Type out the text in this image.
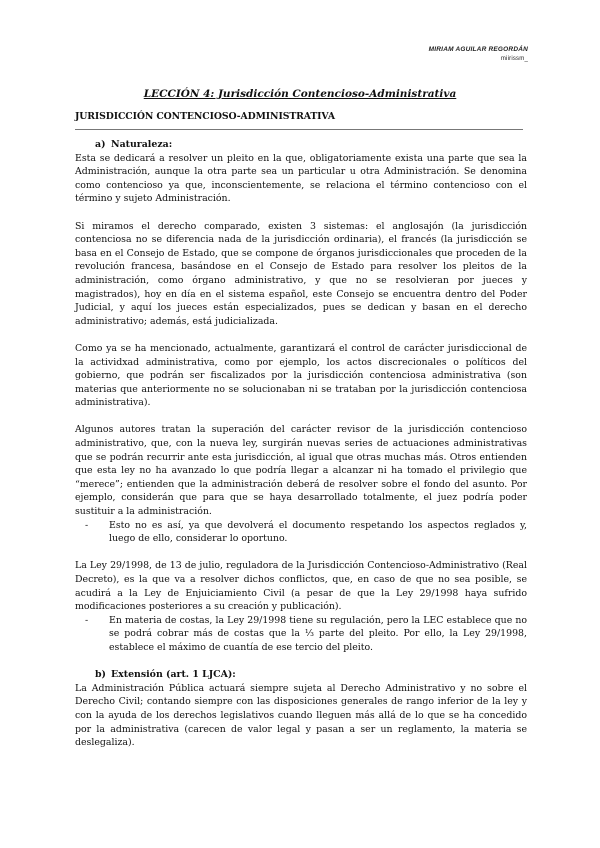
MIRIAM AGUILAR REGORDÁN
miirissm_
LECCIÓN 4: Jurisdicción Contencioso-Administrativa
JURISDICCIÓN CONTENCIOSO-ADMINISTRATIVA

a) Naturaleza:

Esta se dedicará a resolver un pleito en la que, obligatoriamente exista una parte que sea la Administración, aunque la otra parte sea un particular u otra Administración. Se denomina como contencioso ya que, inconscientemente, se relaciona el término contencioso con el término y sujeto Administración.

Si miramos el derecho comparado, existen 3 sistemas: el anglosajón (la jurisdicción contenciosa no se diferencia nada de la jurisdicción ordinaria), el francés (la jurisdicción se basa en el Consejo de Estado, que se compone de órganos jurisdiccionales que proceden de la revolución francesa, basándose en el Consejo de Estado para resolver los pleitos de la administración, como órgano administrativo, y que no se resolvieran por jueces y magistrados), hoy en día en el sistema español, este Consejo se encuentra dentro del Poder Judicial, y aquí los jueces están especializados, pues se dedican y basan en el derecho administrativo; además, está judicializada.

Como ya se ha mencionado, actualmente, garantizará el control de carácter jurisdiccional de la actividxad administrativa, como por ejemplo, los actos discrecionales o políticos del gobierno, que podrán ser fiscalizados por la jurisdicción contenciosa administrativa (son materias que anteriormente no se solucionaban ni se trataban por la jurisdicción contenciosa administrativa).

Algunos autores tratan la superación del carácter revisor de la jurisdicción contencioso administrativo, que, con la nueva ley, surgirán nuevas series de actuaciones administrativas que se podrán recurrir ante esta jurisdicción, al igual que otras muchas más. Otros entienden que esta ley no ha avanzado lo que podría llegar a alcanzar ni ha tomado el privilegio que “merece”; entienden que la administración deberá de resolver sobre el fondo del asunto. Por ejemplo, considerán que para que se haya desarrollado totalmente, el juez podría poder sustituir a la administración.

-	Esto no es así, ya que devolverá el documento respetando los aspectos reglados y, luego de ello, considerar lo oportuno.

La Ley 29/1998, de 13 de julio, reguladora de la Jurisdicción Contencioso-Administrativo (Real Decreto), es la que va a resolver dichos conflictos, que, en caso de que no sea posible, se acudirá a la Ley de Enjuiciamiento Civil (a pesar de que la Ley 29/1998 haya sufrido modificaciones posteriores a su creación y publicación).

-	En materia de costas, la Ley 29/1998 tiene su regulación, pero la LEC establece que no se podrá cobrar más de costas que la ⅓ parte del pleito. Por ello, la Ley 29/1998, establece el máximo de cuantía de ese tercio del pleito.

b) Extensión (art. 1 LJCA):

La Administración Pública actuará siempre sujeta al Derecho Administrativo y no sobre el Derecho Civil; contando siempre con las disposiciones generales de rango inferior de la ley y con la ayuda de los derechos legislativos cuando lleguen más allá de lo que se ha concedido por la administrativa (carecen de valor legal y pasan a ser un reglamento, la materia se deslegaliza).
